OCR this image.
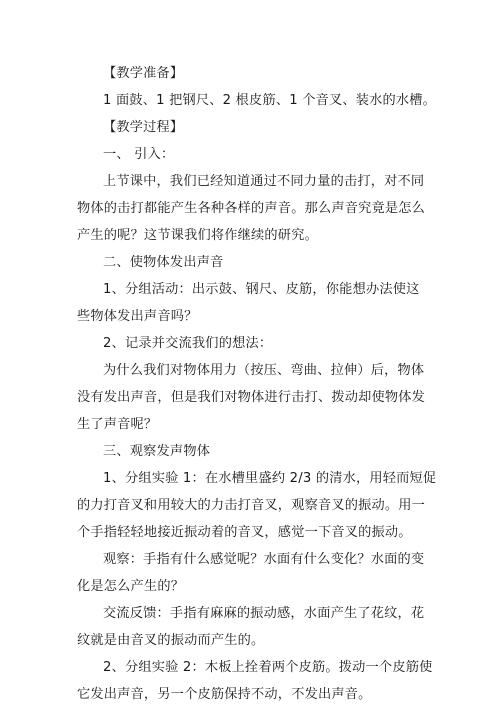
【教学准备】
1 面鼓、1 把钢尺、2 根皮筋、1 个音叉、装水的水槽。
【教学过程】
一、 引入：
上节课中，我们已经知道通过不同力量的击打，对不同
物体的击打都能产生各种各样的声音。那么声音究竟是怎么
产生的呢？这节课我们将作继续的研究。
二、使物体发出声音
1、分组活动：出示鼓、钢尺、皮筋，你能想办法使这
些物体发出声音吗？
2、记录并交流我们的想法：
为什么我们对物体用力（按压、弯曲、拉伸）后，物体
没有发出声音，但是我们对物体进行击打、拨动却使物体发
生了声音呢？
三、观察发声物体
1、分组实验 1：在水槽里盛约 2/3 的清水，用轻而短促
的力打音叉和用较大的力击打音叉，观察音叉的振动。用一
个手指轻轻地接近振动着的音叉，感觉一下音叉的振动。
观察：手指有什么感觉呢？水面有什么变化？水面的变
化是怎么产生的？
交流反馈：手指有麻麻的振动感，水面产生了花纹，花
纹就是由音叉的振动而产生的。
2、分组实验 2：木板上拴着两个皮筋。拨动一个皮筋使
它发出声音，另一个皮筋保持不动，不发出声音。
